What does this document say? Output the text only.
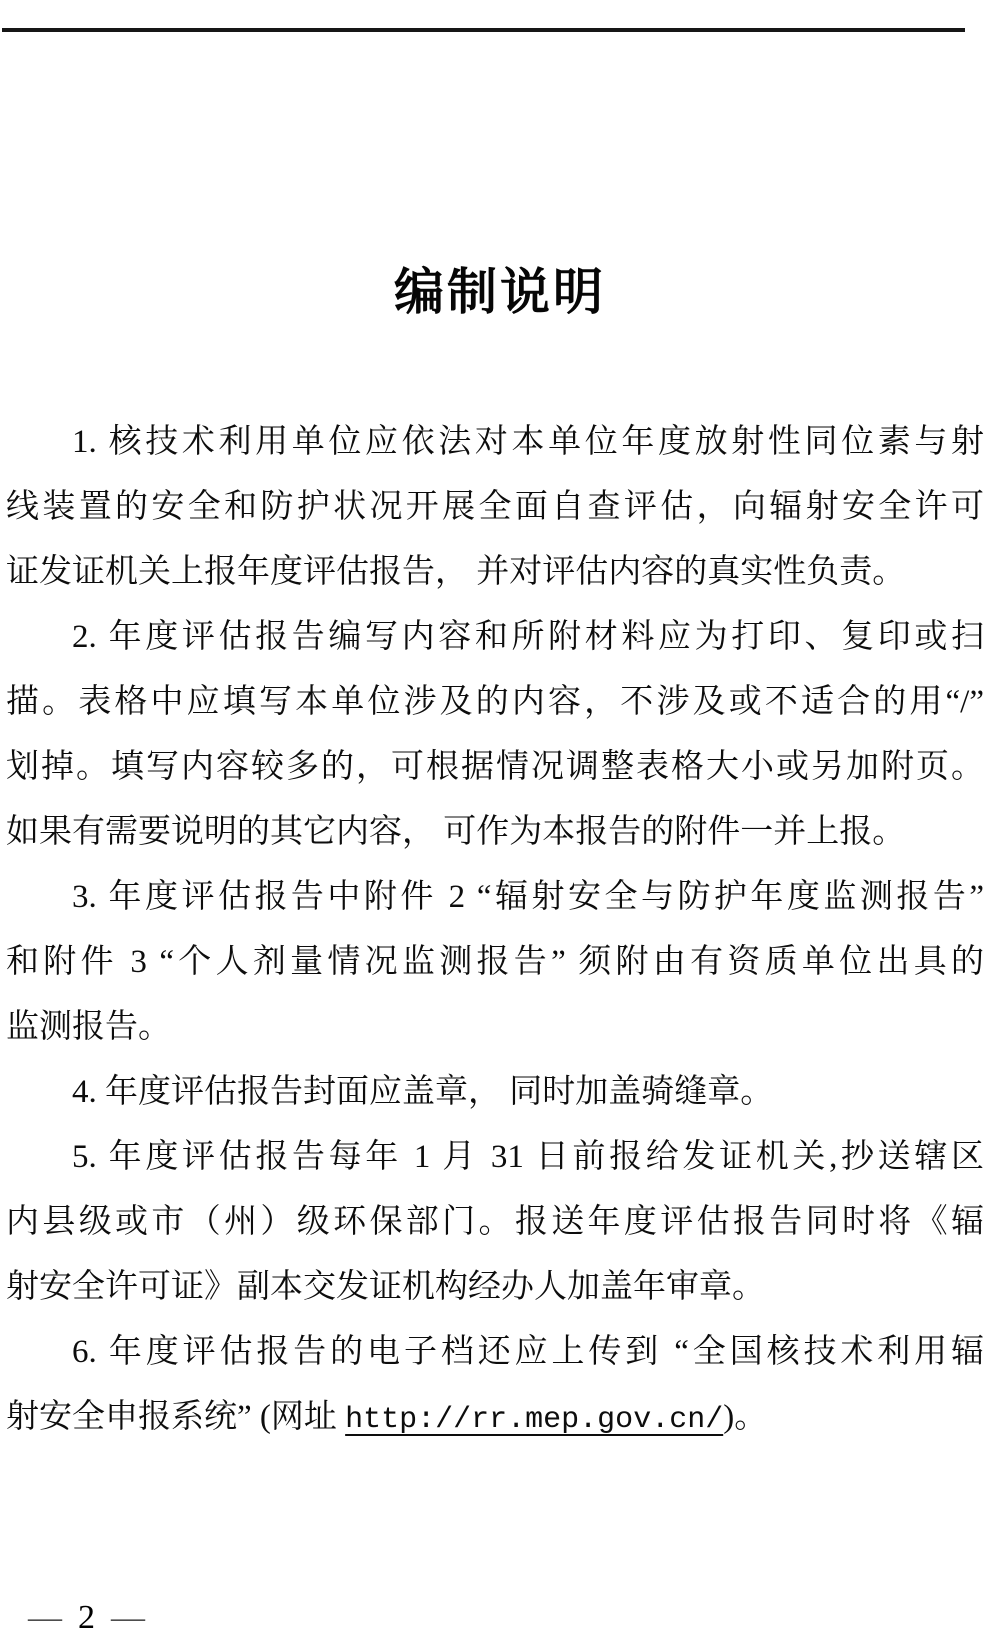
编制说明
1. 核技术利用单位应依法对本单位年度放射性同位素与射
线装置的安全和防护状况开展全面自查评估，向辐射安全许可
证发证机关上报年度评估报告， 并对评估内容的真实性负责。
2. 年度评估报告编写内容和所附材料应为打印、复印或扫
描。表格中应填写本单位涉及的内容，不涉及或不适合的用“/”
划掉。填写内容较多的，可根据情况调整表格大小或另加附页。
如果有需要说明的其它内容， 可作为本报告的附件一并上报。
3. 年度评估报告中附件 2 “辐射安全与防护年度监测报告”
和附件 3 “个人剂量情况监测报告” 须附由有资质单位出具的
监测报告。
4. 年度评估报告封面应盖章， 同时加盖骑缝章。
5. 年度评估报告每年 1 月 31 日前报给发证机关,抄送辖区
内县级或市（州）级环保部门。报送年度评估报告同时将《辐
射安全许可证》副本交发证机构经办人加盖年审章。
6. 年度评估报告的电子档还应上传到 “全国核技术利用辐
射安全申报系统” (网址 http://rr.mep.gov.cn/)。
— 2 —
